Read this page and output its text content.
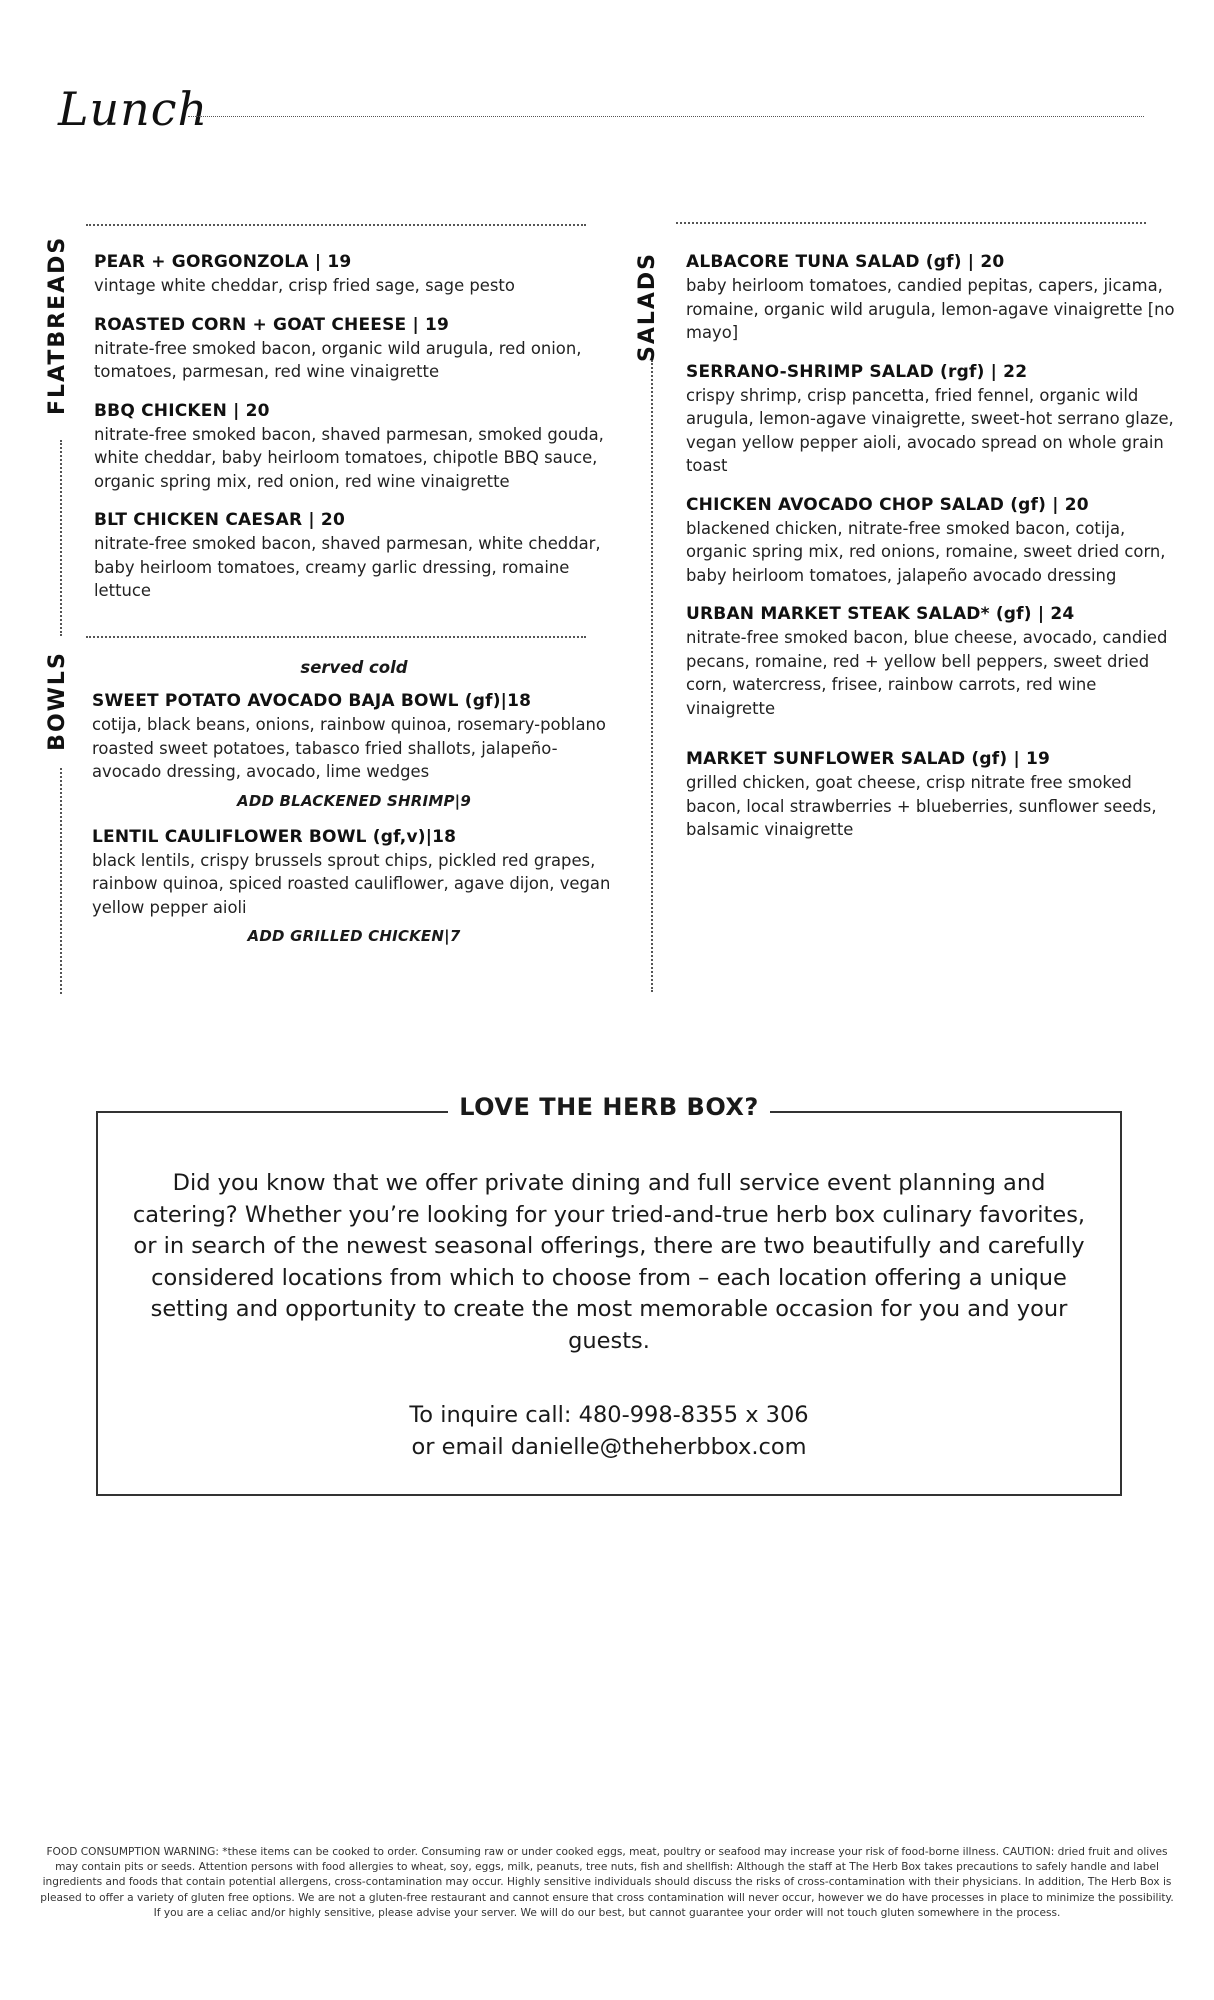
Lunch
FLATBREADS
BOWLS
SALADS
PEAR + GORGONZOLA | 19
vintage white cheddar, crisp fried sage, sage pesto
ROASTED CORN + GOAT CHEESE | 19
nitrate-free smoked bacon, organic wild arugula, red onion, tomatoes, parmesan, red wine vinaigrette
BBQ CHICKEN | 20
nitrate-free smoked bacon, shaved parmesan, smoked gouda, white cheddar, baby heirloom tomatoes, chipotle BBQ sauce, organic spring mix, red onion, red wine vinaigrette
BLT CHICKEN CAESAR | 20
nitrate-free smoked bacon, shaved parmesan, white cheddar, baby heirloom tomatoes, creamy garlic dressing, romaine lettuce
served cold
SWEET POTATO AVOCADO BAJA BOWL (gf)|18
cotija, black beans, onions, rainbow quinoa, rosemary-poblano roasted sweet potatoes, tabasco fried shallots, jalapeño-avocado dressing, avocado, lime wedges
ADD BLACKENED SHRIMP|9
LENTIL CAULIFLOWER BOWL (gf,v)|18
black lentils, crispy brussels sprout chips, pickled red grapes, rainbow quinoa, spiced roasted cauliflower, agave dijon, vegan yellow pepper aioli
ADD GRILLED CHICKEN|7
ALBACORE TUNA SALAD (gf) | 20
baby heirloom tomatoes, candied pepitas, capers, jicama, romaine, organic wild arugula, lemon-agave vinaigrette [no mayo]
SERRANO-SHRIMP SALAD (rgf) | 22
crispy shrimp, crisp pancetta, fried fennel, organic wild arugula, lemon-agave vinaigrette, sweet-hot serrano glaze, vegan yellow pepper aioli, avocado spread on whole grain toast
CHICKEN AVOCADO CHOP SALAD (gf) | 20
blackened chicken, nitrate-free smoked bacon, cotija, organic spring mix, red onions, romaine, sweet dried corn, baby heirloom tomatoes, jalapeño avocado dressing
URBAN MARKET STEAK SALAD* (gf) | 24
nitrate-free smoked bacon, blue cheese, avocado, candied pecans, romaine, red + yellow bell peppers, sweet dried corn, watercress, frisee, rainbow carrots, red wine vinaigrette
MARKET SUNFLOWER SALAD (gf) | 19
grilled chicken, goat cheese, crisp nitrate free smoked bacon, local strawberries + blueberries, sunflower seeds, balsamic vinaigrette
LOVE THE HERB BOX?
Did you know that we offer private dining and full service event planning and catering? Whether you’re looking for your tried-and-true herb box culinary favorites, or in search of the newest seasonal offerings, there are two beautifully and carefully considered locations from which to choose from – each location offering a unique setting and opportunity to create the most memorable occasion for you and your guests.
To inquire call: 480-998-8355 x 306
or email danielle@theherbbox.com
FOOD CONSUMPTION WARNING: *these items can be cooked to order. Consuming raw or under cooked eggs, meat, poultry or seafood may increase your risk of food-borne illness. CAUTION: dried fruit and olives may contain pits or seeds. Attention persons with food allergies to wheat, soy, eggs, milk, peanuts, tree nuts, fish and shellfish: Although the staff at The Herb Box takes precautions to safely handle and label ingredients and foods that contain potential allergens, cross-contamination may occur. Highly sensitive individuals should discuss the risks of cross-contamination with their physicians. In addition, The Herb Box is pleased to offer a variety of gluten free options. We are not a gluten-free restaurant and cannot ensure that cross contamination will never occur, however we do have processes in place to minimize the possibility. If you are a celiac and/or highly sensitive, please advise your server. We will do our best, but cannot guarantee your order will not touch gluten somewhere in the process.
